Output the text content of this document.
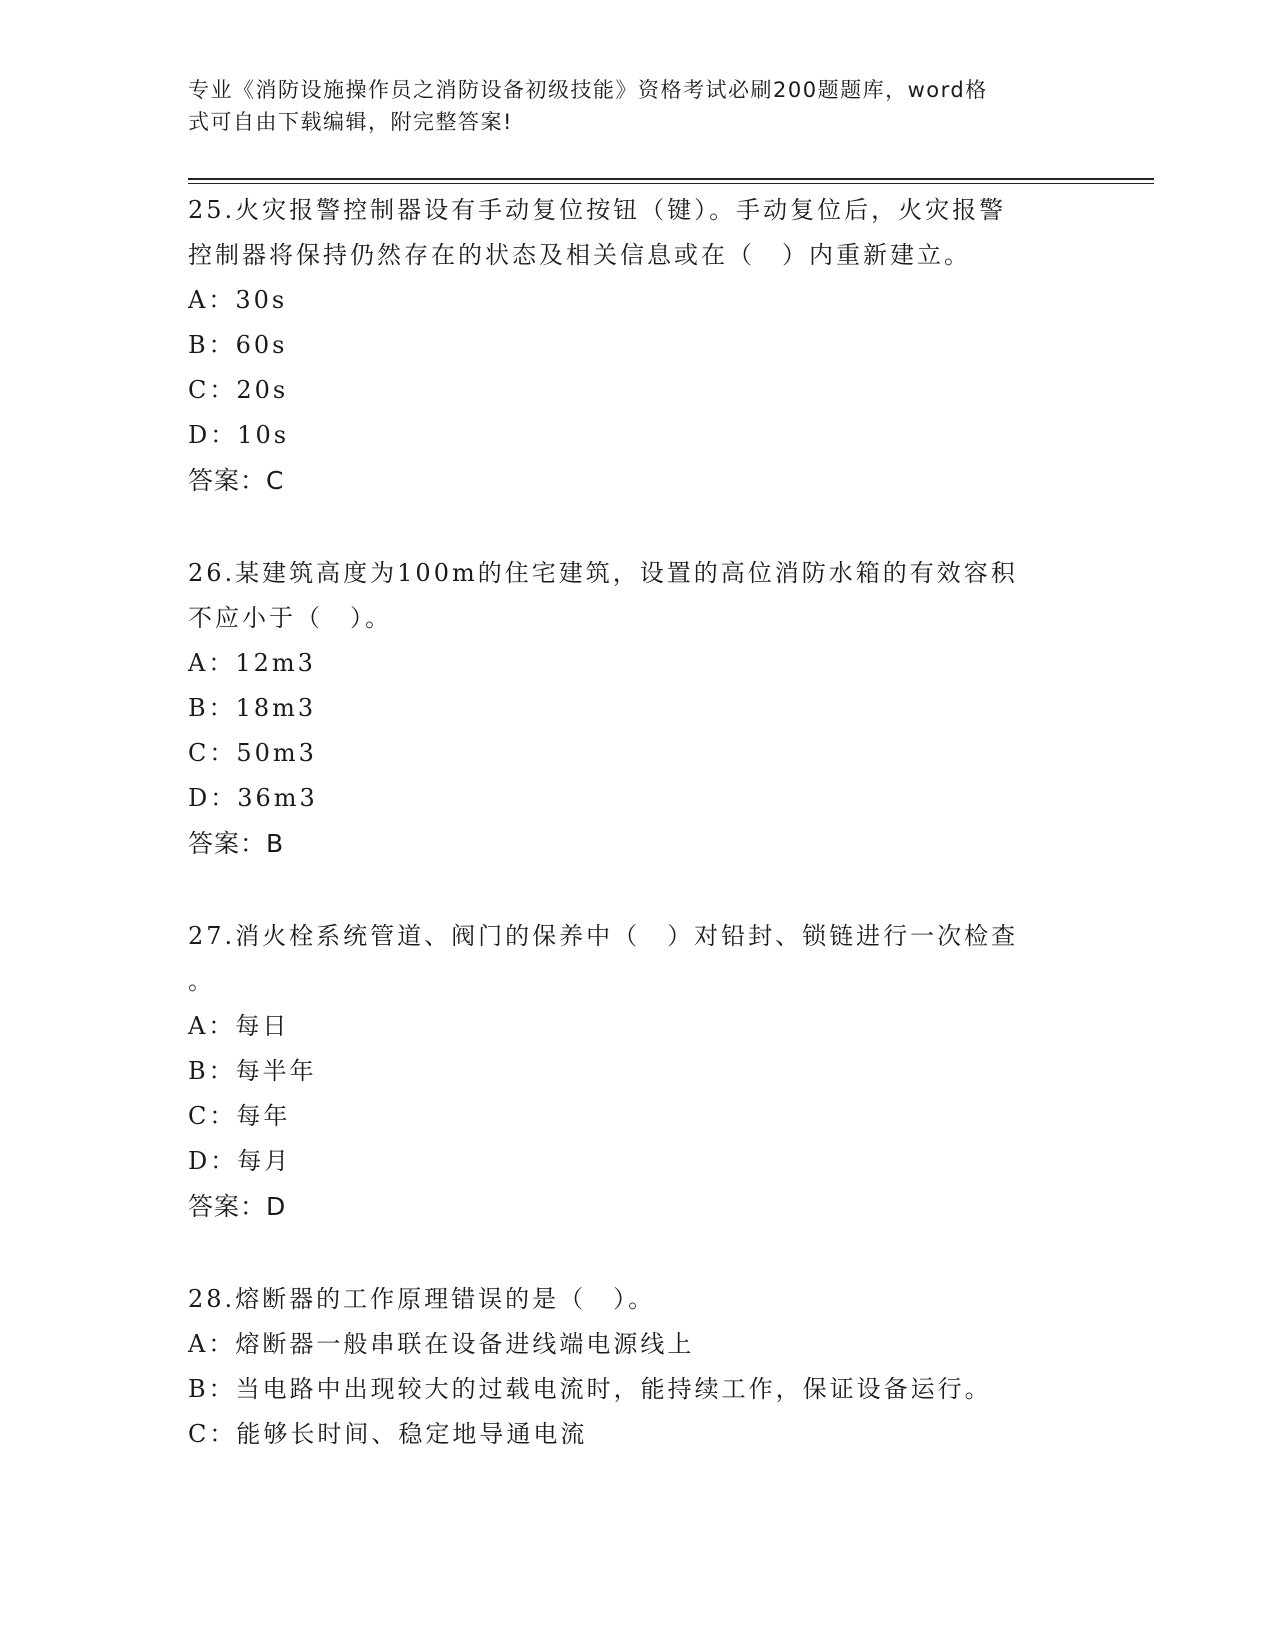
专业《消防设施操作员之消防设备初级技能》资格考试必刷200题题库，word格
式可自由下载编辑，附完整答案!

25.火灾报警控制器设有手动复位按钮（键）。手动复位后，火灾报警

控制器将保持仍然存在的状态及相关信息或在（　）内重新建立。

A：30s

B：60s

C：20s

D：10s

答案：C

26.某建筑高度为100m的住宅建筑，设置的高位消防水箱的有效容积

不应小于（　）。

A：12m3

B：18m3

C：50m3

D：36m3

答案：B

27.消火栓系统管道、阀门的保养中（　）对铅封、锁链进行一次检查

。

A：每日

B：每半年

C：每年

D：每月

答案：D

28.熔断器的工作原理错误的是（　）。

A：熔断器一般串联在设备进线端电源线上

B：当电路中出现较大的过载电流时，能持续工作，保证设备运行。

C：能够长时间、稳定地导通电流
